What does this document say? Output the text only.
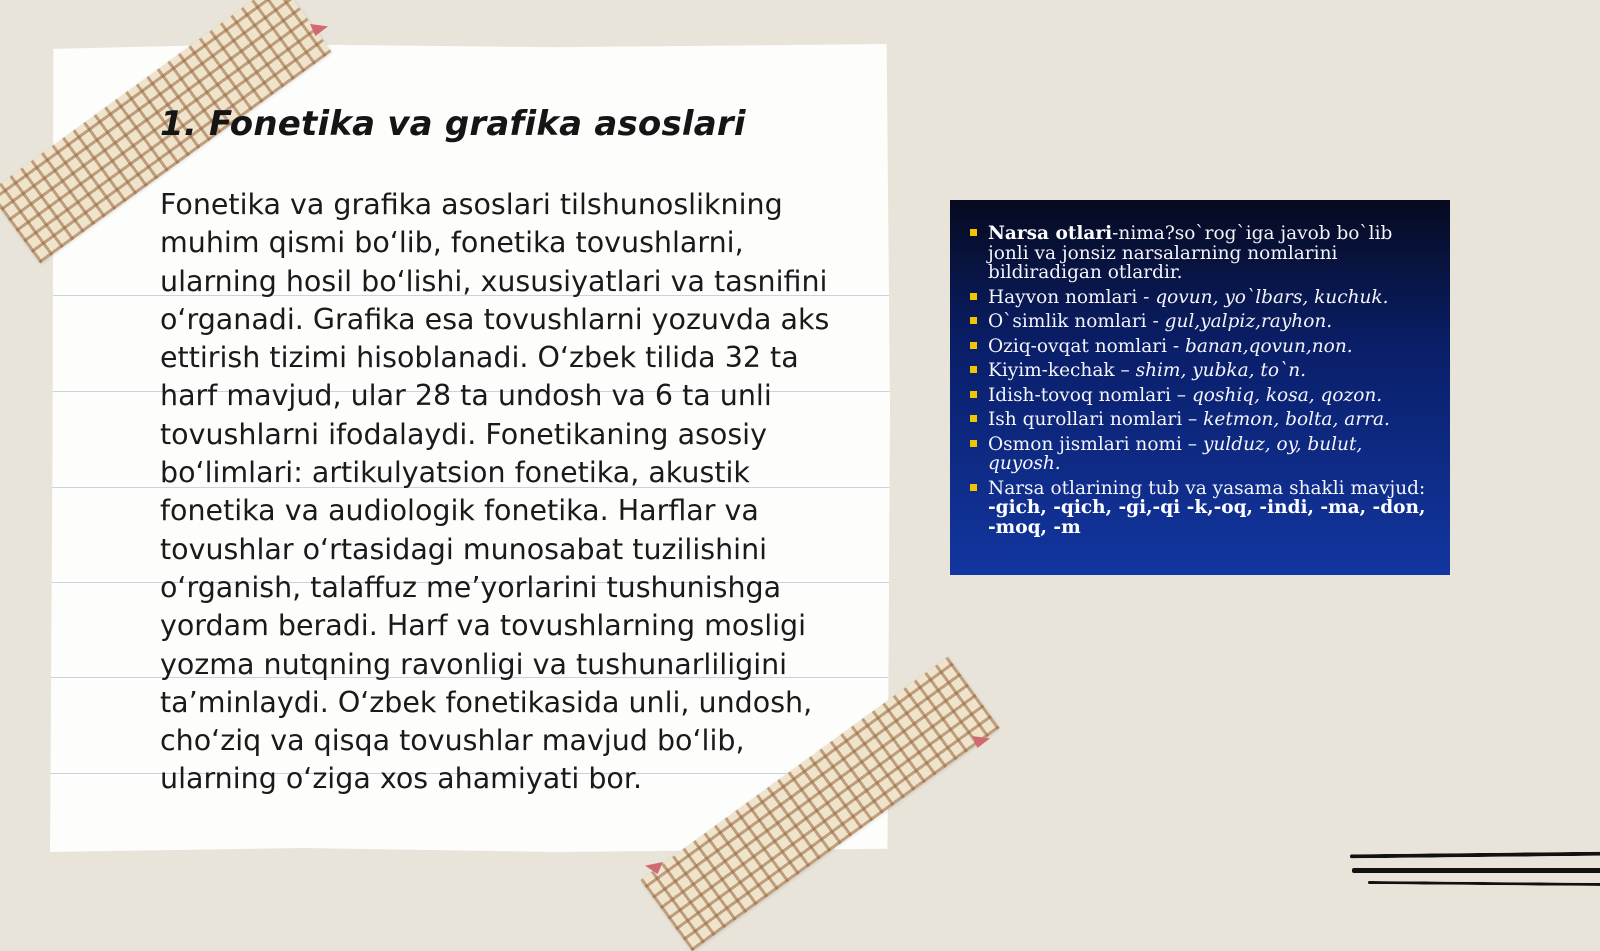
1. Fonetika va grafika asoslari

Fonetika va grafika asoslari tilshunoslikning muhim qismi bo‘lib, fonetika tovushlarni, ularning hosil bo‘lishi, xususiyatlari va tasnifini o‘rganadi. Grafika esa tovushlarni yozuvda aks ettirish tizimi hisoblanadi. O‘zbek tilida 32 ta harf mavjud, ular 28 ta undosh va 6 ta unli tovushlarni ifodalaydi. Fonetikaning asosiy bo‘limlari: artikulyatsion fonetika, akustik fonetika va audiologik fonetika. Harflar va tovushlar o‘rtasidagi munosabat tuzilishini o‘rganish, talaffuz me’yorlarini tushunishga yordam beradi. Harf va tovushlarning mosligi yozma nutqning ravonligi va tushunarliligini ta’minlaydi. O‘zbek fonetikasida unli, undosh, cho‘ziq va qisqa tovushlar mavjud bo‘lib, ularning o‘ziga xos ahamiyati bor.

Narsa otlari-nima?so`rog`iga javob bo`lib jonli va jonsiz narsalarning nomlarini bildiradigan otlardir.
Hayvon nomlari - qovun, yo`lbars, kuchuk.
O`simlik nomlari - gul,yalpiz,rayhon.
Oziq-ovqat nomlari - banan,qovun,non.
Kiyim-kechak – shim, yubka, to`n.
Idish-tovoq nomlari – qoshiq, kosa, qozon.
Ish qurollari nomlari – ketmon, bolta, arra.
Osmon jismlari nomi – yulduz, oy, bulut, quyosh.
Narsa otlarining tub va yasama shakli mavjud: -gich, -qich, -gi,-qi -k,-oq, -indi, -ma, -don, -moq, -m
